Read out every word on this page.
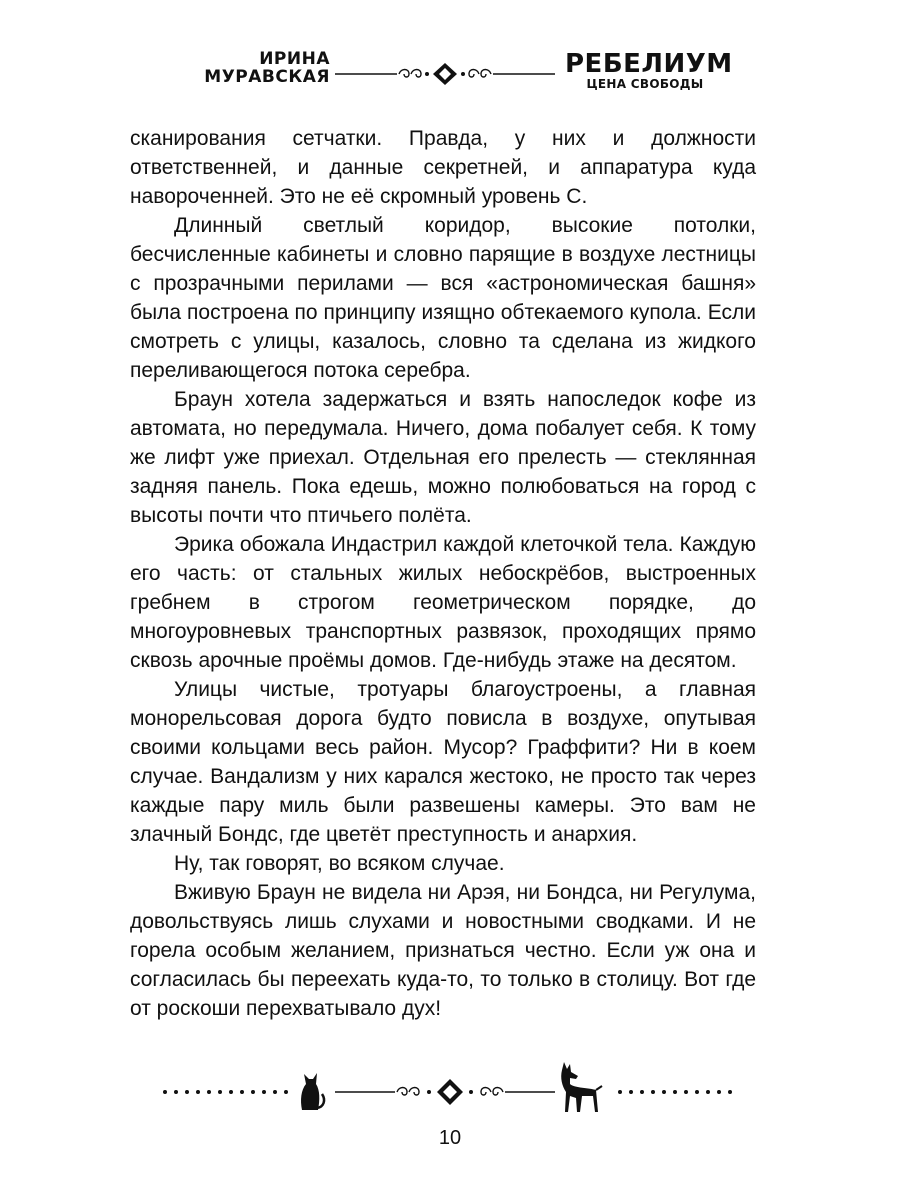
ИРИНА
МУРАВСКАЯ	РЕБЕЛИУМ
ЦЕНА СВОБОДЫ

сканирования сетчатки. Правда, у них и должности ответственней, и данные секретней, и аппаратура куда навороченней. Это не её скромный уровень С.

Длинный светлый коридор, высокие потолки, бесчисленные кабинеты и словно парящие в воздухе лестницы с прозрачными перилами — вся «астрономическая башня» была построена по принципу изящно обтекаемого купола. Если смотреть с улицы, казалось, словно та сделана из жидкого переливающегося потока серебра.

Браун хотела задержаться и взять напоследок кофе из автомата, но передумала. Ничего, дома побалует себя. К тому же лифт уже приехал. Отдельная его прелесть — стеклянная задняя панель. Пока едешь, можно полюбоваться на город с высоты почти что птичьего полёта.

Эрика обожала Индастрил каждой клеточкой тела. Каждую его часть: от стальных жилых небоскрёбов, выстроенных гребнем в строгом геометрическом порядке, до многоуровневых транспортных развязок, проходящих прямо сквозь арочные проёмы домов. Где-нибудь этаже на десятом.

Улицы чистые, тротуары благоустроены, а главная монорельсовая дорога будто повисла в воздухе, опутывая своими кольцами весь район. Мусор? Граффити? Ни в коем случае. Вандализм у них карался жестоко, не просто так через каждые пару миль были развешены камеры. Это вам не злачный Бондс, где цветёт преступность и анархия.

Ну, так говорят, во всяком случае.

Вживую Браун не видела ни Арэя, ни Бондса, ни Регулума, довольствуясь лишь слухами и новостными сводками. И не горела особым желанием, признаться честно. Если уж она и согласилась бы переехать куда-то, то только в столицу. Вот где от роскоши перехватывало дух!

10
